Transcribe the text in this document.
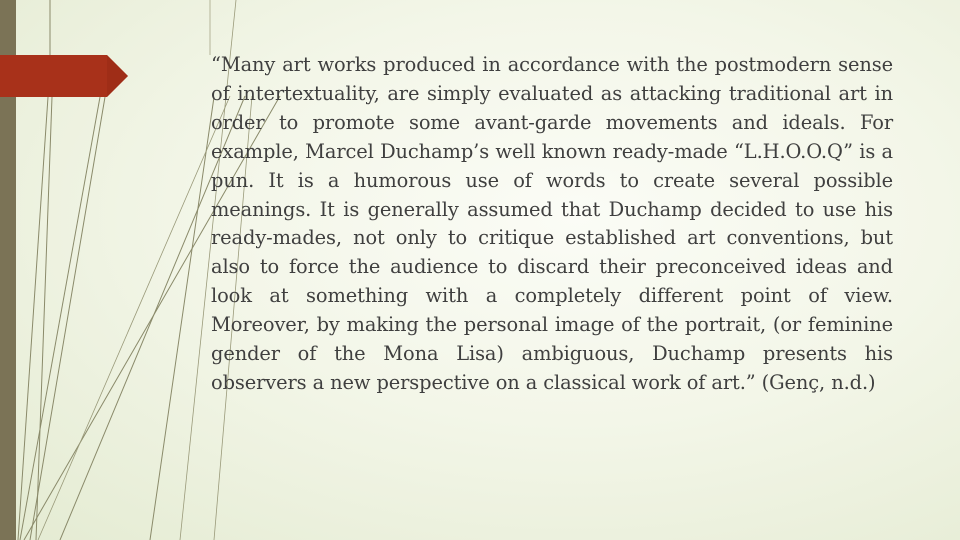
“Many art works produced in accordance with the postmodern sense of intertextuality, are simply evaluated as attacking traditional art in order to promote some avant-garde movements and ideals. For example, Marcel Duchamp’s well known ready-made “L.H.O.O.Q” is a pun. It is a humorous use of words to create several possible meanings. It is generally assumed that Duchamp decided to use his ready-mades, not only to critique established art conventions, but also to force the audience to discard their preconceived ideas and look at something with a completely different point of view. Moreover, by making the personal image of the portrait, (or feminine gender of the Mona Lisa) ambiguous, Duchamp presents his observers a new perspective on a classical work of art.” (Genç, n.d.)
